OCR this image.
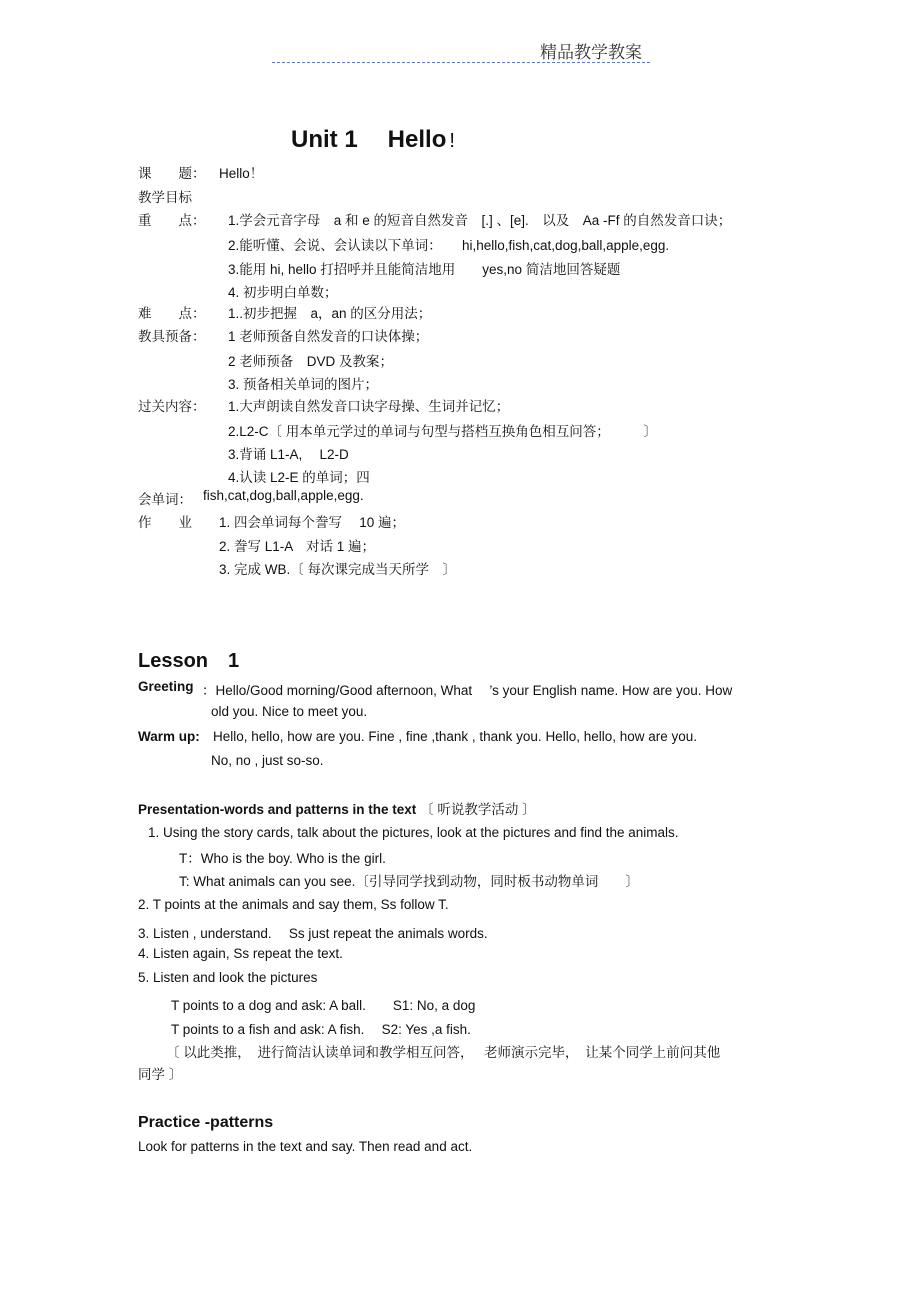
精品教学教案
Unit 1 Hello !
课　　题： Hello！
教学目标
重　　点： 1.学会元音字母　a 和 e 的短音自然发音　[.] 、[e].　以及　Aa -Ff 的自然发音口诀；
2.能听懂、会说、会认读以下单词：　　hi,hello,fish,cat,dog,ball,apple,egg.
3.能用 hi, hello 打招呼并且能简洁地用　　yes,no 简洁地回答疑题
4. 初步明白单数；
难　　点： 1..初步把握　a，an 的区分用法；
教具预备： 1 老师预备自然发音的口诀体操；
2 老师预备　DVD 及教案；
3. 预备相关单词的图片；
过关内容： 1.大声朗读自然发音口诀字母操、生词并记忆；
2.L2-C〔 用本单元学过的单词与句型与搭档互换角色相互问答；　　　〕
3.背诵 L1-A,　 L2-D
4.认读 L2-E 的单词；四
会单词： fish,cat,dog,ball,apple,egg.
作　　业 1. 四会单词每个誊写　 10 遍；
2. 誊写 L1-A　对话 1 遍；
3. 完成 WB.〔 每次课完成当天所学　〕
Lesson　1
Greeting ：Hello/Good morning/Good afternoon, What　 ’s your English name. How are you. How
old you. Nice to meet you.
Warm up: Hello, hello, how are you. Fine , fine ,thank , thank you. Hello, hello, how are you.
No, no , just so-so.
Presentation-words and patterns in the text 〔 听说教学活动 〕
1. Using the story cards, talk about the pictures, look at the pictures and find the animals.
T：Who is the boy. Who is the girl.
T: What animals can you see.〔引导同学找到动物，同时板书动物单词　　〕
2. T points at the animals and say them, Ss follow T.
3. Listen , understand.　 Ss just repeat the animals words.
4. Listen again, Ss repeat the text.
5. Listen and look the pictures
T points to a dog and ask: A ball.　　S1: No, a dog
T points to a fish and ask: A fish.　 S2: Yes ,a fish.
〔 以此类推，　进行简洁认读单词和教学相互问答，　 老师演示完毕，　让某个同学上前问其他
同学 〕
Practice -patterns
Look for patterns in the text and say. Then read and act.
